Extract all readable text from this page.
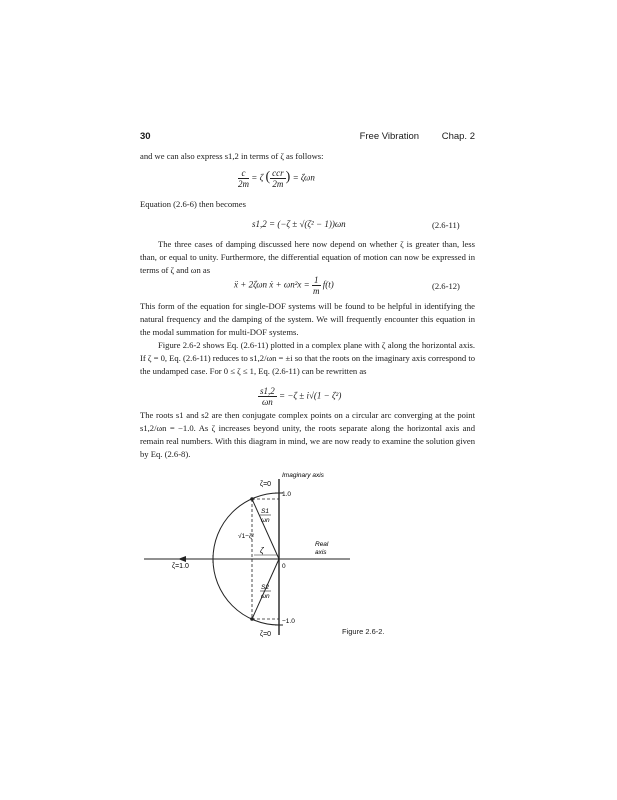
30	Free Vibration Chap. 2
and we can also express s1,2 in terms of ζ as follows:
$\frac{c}{2m} = \zeta$ ( $\frac{\text{ccr}}{2m}$ ) = ζωn
Equation (2.6-6) then becomes
s1,2 = (−ζ ± √(ζ² − 1))ωn	(2.6-11)
The three cases of damping discussed here now depend on whether ζ is greater than, less than, or equal to unity. Furthermore, the differential equation of motion can now be expressed in terms of ζ and ωn as
ẍ + 2ζωn ẋ + $\omega n^2x = \frac{1}{m} f(t)$	(2.6-12)
This form of the equation for single-DOF systems will be found to be helpful in identifying the natural frequency and the damping of the system. We will frequently encounter this equation in the modal summation for multi-DOF systems.
Figure 2.6-2 shows Eq. (2.6-11) plotted in a complex plane with ζ along the horizontal axis. If ζ = 0, Eq. (2.6-11) reduces to s1,2/ωn = ±i so that the roots on the imaginary axis correspond to the undamped case. For 0 ≤ ζ ≤ 1, Eq. (2.6-11) can be rewritten as
$\frac{s1,2}{\omega n} = -\zeta \pm i√(1 - \zeta^2)$
The roots s1 and s2 are then conjugate complex points on a circular arc converging at the point s1,2/ωn = −1.0. As ζ increases beyond unity, the roots separate along the horizontal axis and remain real numbers. With this diagram in mind, we are now ready to examine the solution given by Eq. (2.6-8).
Imaginary axis
ζ=0
1.0
Real
axis
0
ζ
ζ=1.0
√1−ζ²
S1
ωn
S2
ωn
−1.0
ζ=0	Figure 2.6-2.
